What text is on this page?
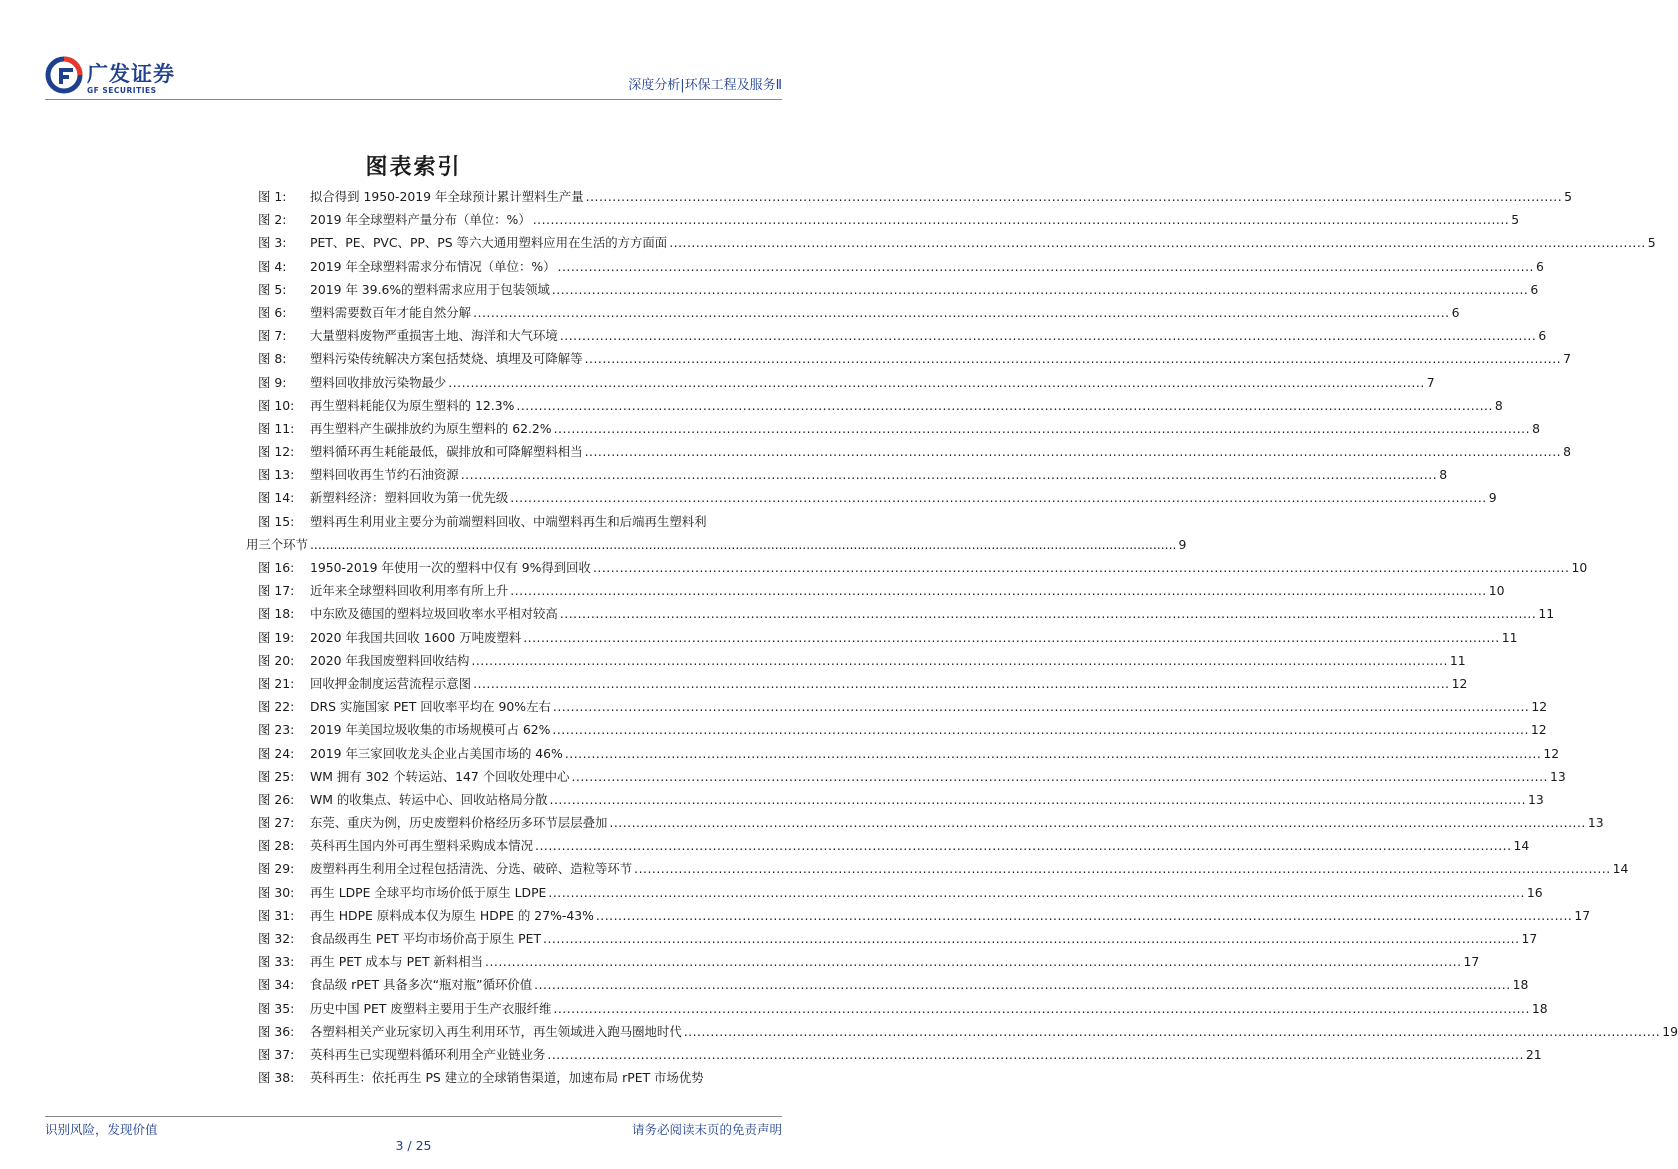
广发证券
GF SECURITIES	深度分析|环保工程及服务Ⅱ
图表索引
图 1: 拟合得到 1950-2019 年全球预计累计塑料生产量 ............................................................................................................................................................................................................................ 5
图 2: 2019 年全球塑料产量分布（单位：%） ............................................................................................................................................................................................................................ 5
图 3: PET、PE、PVC、PP、PS 等六大通用塑料应用在生活的方方面面 ............................................................................................................................................................................................................................ 5
图 4: 2019 年全球塑料需求分布情况（单位：%） ............................................................................................................................................................................................................................ 6
图 5: 2019 年 39.6%的塑料需求应用于包装领域 ............................................................................................................................................................................................................................ 6
图 6: 塑料需要数百年才能自然分解 ............................................................................................................................................................................................................................ 6
图 7: 大量塑料废物严重损害土地、海洋和大气环境 ............................................................................................................................................................................................................................ 6
图 8: 塑料污染传统解决方案包括焚烧、填埋及可降解等 ............................................................................................................................................................................................................................ 7
图 9: 塑料回收排放污染物最少 ............................................................................................................................................................................................................................ 7
图 10: 再生塑料耗能仅为原生塑料的 12.3% ............................................................................................................................................................................................................................ 8
图 11: 再生塑料产生碳排放约为原生塑料的 62.2% ............................................................................................................................................................................................................................ 8
图 12: 塑料循环再生耗能最低，碳排放和可降解塑料相当 ............................................................................................................................................................................................................................ 8
图 13: 塑料回收再生节约石油资源 ............................................................................................................................................................................................................................ 8
图 14: 新塑料经济：塑料回收为第一优先级 ............................................................................................................................................................................................................................ 9
图 15: 塑料再生利用业主要分为前端塑料回收、中端塑料再生和后端再生塑料利
用三个环节 ............................................................................................................................................................................................................................ 9
图 16: 1950-2019 年使用一次的塑料中仅有 9%得到回收 ............................................................................................................................................................................................................................ 10
图 17: 近年来全球塑料回收利用率有所上升 ............................................................................................................................................................................................................................ 10
图 18: 中东欧及德国的塑料垃圾回收率水平相对较高 ............................................................................................................................................................................................................................ 11
图 19: 2020 年我国共回收 1600 万吨废塑料 ............................................................................................................................................................................................................................ 11
图 20: 2020 年我国废塑料回收结构 ............................................................................................................................................................................................................................ 11
图 21: 回收押金制度运营流程示意图 ............................................................................................................................................................................................................................ 12
图 22: DRS 实施国家 PET 回收率平均在 90%左右 ............................................................................................................................................................................................................................ 12
图 23: 2019 年美国垃圾收集的市场规模可占 62% ............................................................................................................................................................................................................................ 12
图 24: 2019 年三家回收龙头企业占美国市场的 46% ............................................................................................................................................................................................................................ 12
图 25: WM 拥有 302 个转运站、147 个回收处理中心 ............................................................................................................................................................................................................................ 13
图 26: WM 的收集点、转运中心、回收站格局分散 ............................................................................................................................................................................................................................ 13
图 27: 东莞、重庆为例，历史废塑料价格经历多环节层层叠加 ............................................................................................................................................................................................................................ 13
图 28: 英科再生国内外可再生塑料采购成本情况 ............................................................................................................................................................................................................................ 14
图 29: 废塑料再生利用全过程包括清洗、分选、破碎、造粒等环节 ............................................................................................................................................................................................................................ 14
图 30: 再生 LDPE 全球平均市场价低于原生 LDPE ............................................................................................................................................................................................................................ 16
图 31: 再生 HDPE 原料成本仅为原生 HDPE 的 27%-43% ............................................................................................................................................................................................................................ 17
图 32: 食品级再生 PET 平均市场价高于原生 PET ............................................................................................................................................................................................................................ 17
图 33: 再生 PET 成本与 PET 新料相当 ............................................................................................................................................................................................................................ 17
图 34: 食品级 rPET 具备多次“瓶对瓶”循环价值 ............................................................................................................................................................................................................................ 18
图 35: 历史中国 PET 废塑料主要用于生产衣服纤维 ............................................................................................................................................................................................................................ 18
图 36: 各塑料相关产业玩家切入再生利用环节，再生领域进入跑马圈地时代 ............................................................................................................................................................................................................................ 19
图 37: 英科再生已实现塑料循环利用全产业链业务 ............................................................................................................................................................................................................................ 21
图 38: 英科再生：依托再生 PS 建立的全球销售渠道，加速布局 rPET 市场优势
识别风险，发现价值	请务必阅读末页的免责声明
3 / 25
